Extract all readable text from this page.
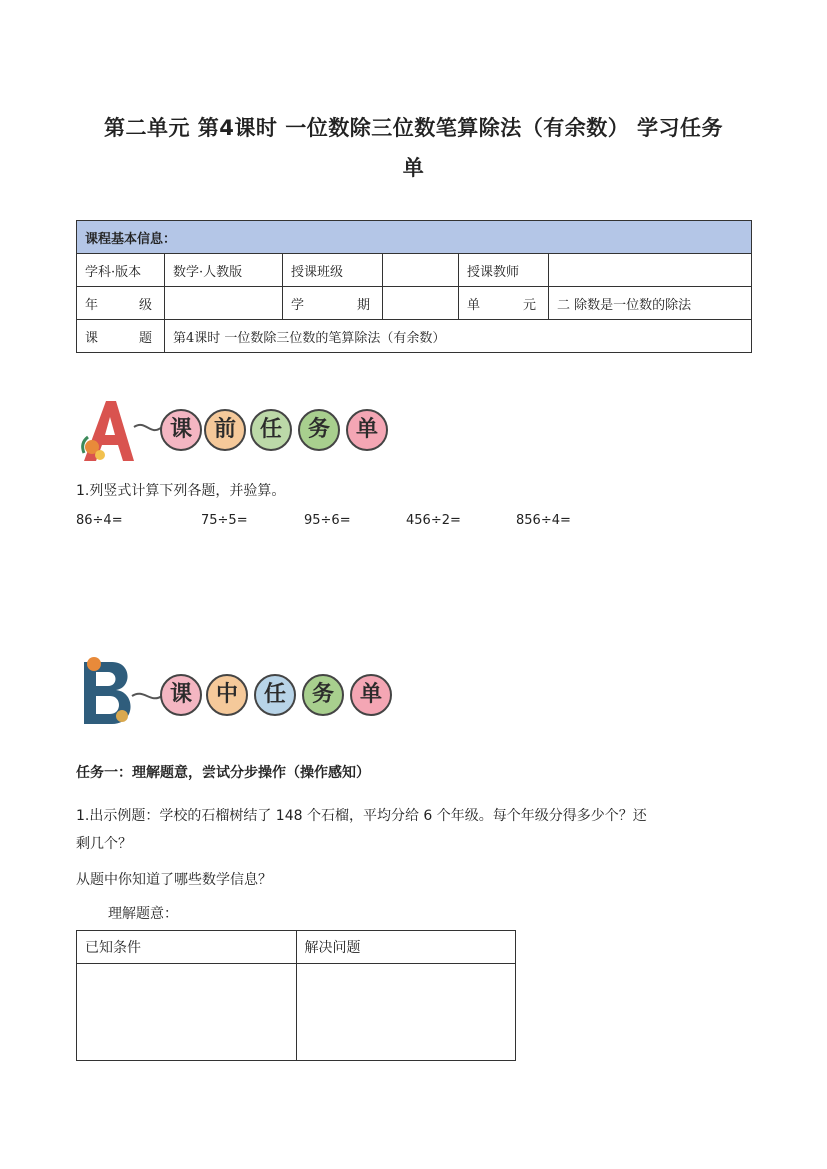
第二单元 第4课时 一位数除三位数笔算除法（有余数） 学习任务
单
课程基本信息：					
学科·版本	数学·人教版	授课班级		授课教师	

年 级		学 期		单 元	二 除数是一位数的除法

课 题	第4课时 一位数除三位数的笔算除法（有余数）				
课 前	任	务	单
1.列竖式计算下列各题，并验算。
86÷4=	75÷5=	95÷6=	456÷2=	856÷4=
课	中	任	务	单
任务一：理解题意，尝试分步操作（操作感知）
1.出示例题：学校的石榴树结了 148 个石榴，平均分给 6 个年级。每个年级分得多少个？还
剩几个？
从题中你知道了哪些数学信息？
理解题意：
已知条件	解决问题
